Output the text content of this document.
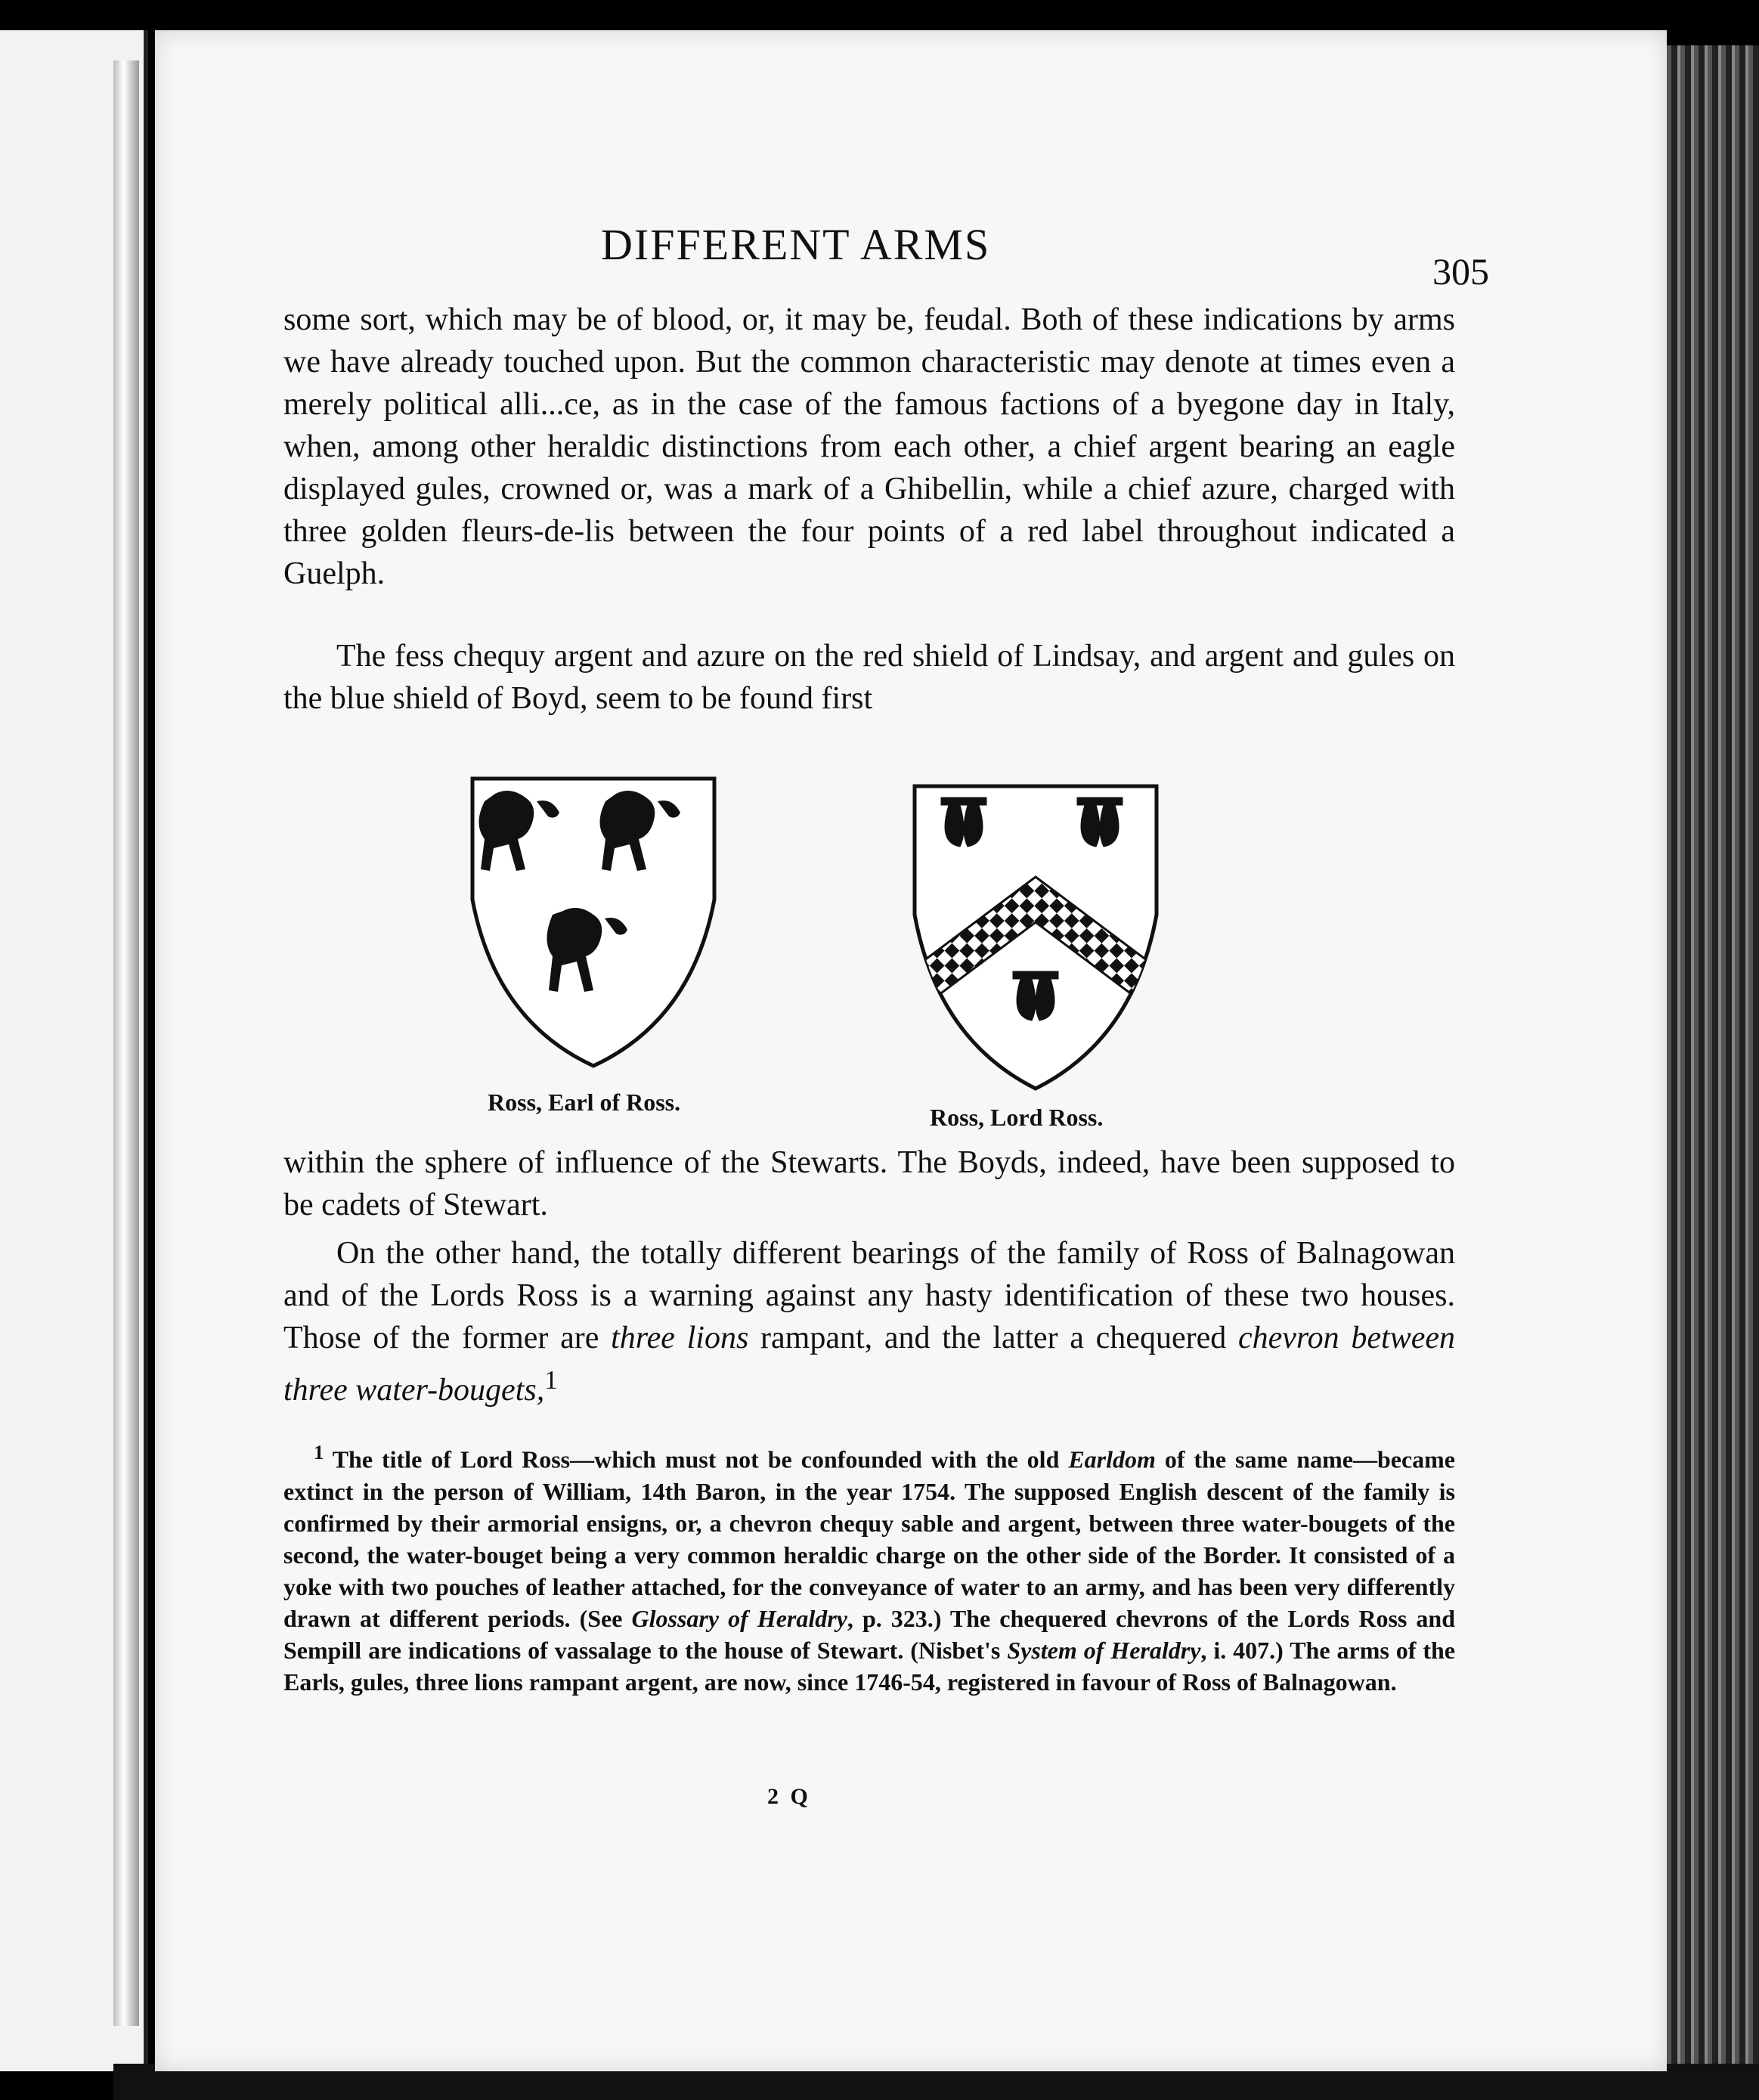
DIFFERENT ARMS
305

some sort, which may be of blood, or, it may be, feudal. Both of these indications by arms we have already touched upon. But the common characteristic may denote at times even a merely political alli...ce, as in the case of the famous factions of a byegone day in Italy, when, among other heraldic distinctions from each other, a chief argent bearing an eagle displayed gules, crowned or, was a mark of a Ghibellin, while a chief azure, charged with three golden fleurs-de-lis between the four points of a red label throughout indicated a Guelph.

The fess chequy argent and azure on the red shield of Lindsay, and argent and gules on the blue shield of Boyd, seem to be found first

Ross, Earl of Ross.
Ross, Lord Ross.

within the sphere of influence of the Stewarts. The Boyds, indeed, have been supposed to be cadets of Stewart.

On the other hand, the totally different bearings of the family of Ross of Balnagowan and of the Lords Ross is a warning against any hasty identification of these two houses. Those of the former are three lions rampant, and the latter a chequered chevron between three water-bougets,$^1$

$^1$ The title of Lord Ross—which must not be confounded with the old Earldom of the same name—became extinct in the person of William, 14th Baron, in the year 1754. The supposed English descent of the family is confirmed by their armorial ensigns, or, a chevron chequy sable and argent, between three water-bougets of the second, the water-bouget being a very common heraldic charge on the other side of the Border. It consisted of a yoke with two pouches of leather attached, for the conveyance of water to an army, and has been very differently drawn at different periods. (See Glossary of Heraldry, p. 323.) The chequered chevrons of the Lords Ross and Sempill are indications of vassalage to the house of Stewart. (Nisbet's System of Heraldry, i. 407.) The arms of the Earls, gules, three lions rampant argent, are now, since 1746-54, registered in favour of Ross of Balnagowan.

2 Q
